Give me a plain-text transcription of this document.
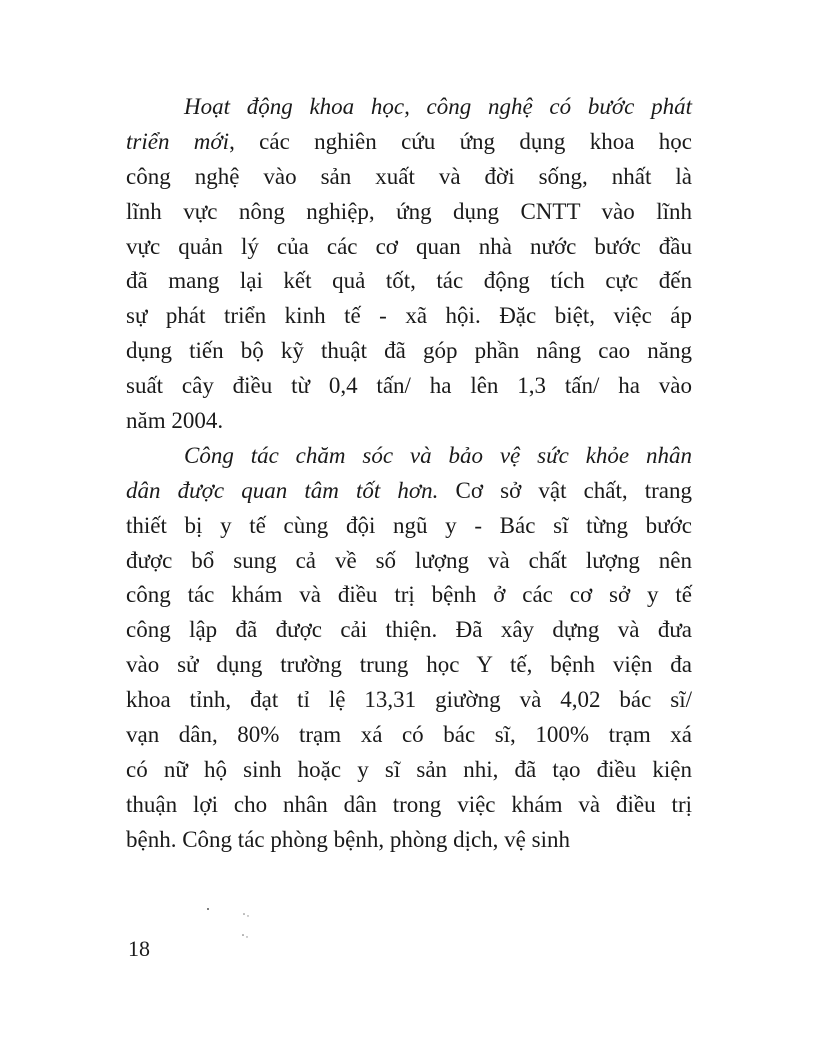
Hoạt động khoa học, công nghệ có bước phát
triển mới, các nghiên cứu ứng dụng khoa học
công nghệ vào sản xuất và đời sống, nhất là
lĩnh vực nông nghiệp, ứng dụng CNTT vào lĩnh
vực quản lý của các cơ quan nhà nước bước đầu
đã mang lại kết quả tốt, tác động tích cực đến
sự phát triển kinh tế - xã hội. Đặc biệt, việc áp
dụng tiến bộ kỹ thuật đã góp phần nâng cao năng
suất cây điều từ 0,4 tấn/ ha lên 1,3 tấn/ ha vào
năm 2004.
Công tác chăm sóc và bảo vệ sức khỏe nhân
dân được quan tâm tốt hơn. Cơ sở vật chất, trang
thiết bị y tế cùng đội ngũ y - Bác sĩ từng bước
được bổ sung cả về số lượng và chất lượng nên
công tác khám và điều trị bệnh ở các cơ sở y tế
công lập đã được cải thiện. Đã xây dựng và đưa
vào sử dụng trường trung học Y tế, bệnh viện đa
khoa tỉnh, đạt tỉ lệ 13,31 giường và 4,02 bác sĩ/
vạn dân, 80% trạm xá có bác sĩ, 100% trạm xá
có nữ hộ sinh hoặc y sĩ sản nhi, đã tạo điều kiện
thuận lợi cho nhân dân trong việc khám và điều trị
bệnh. Công tác phòng bệnh, phòng dịch, vệ sinh
18
